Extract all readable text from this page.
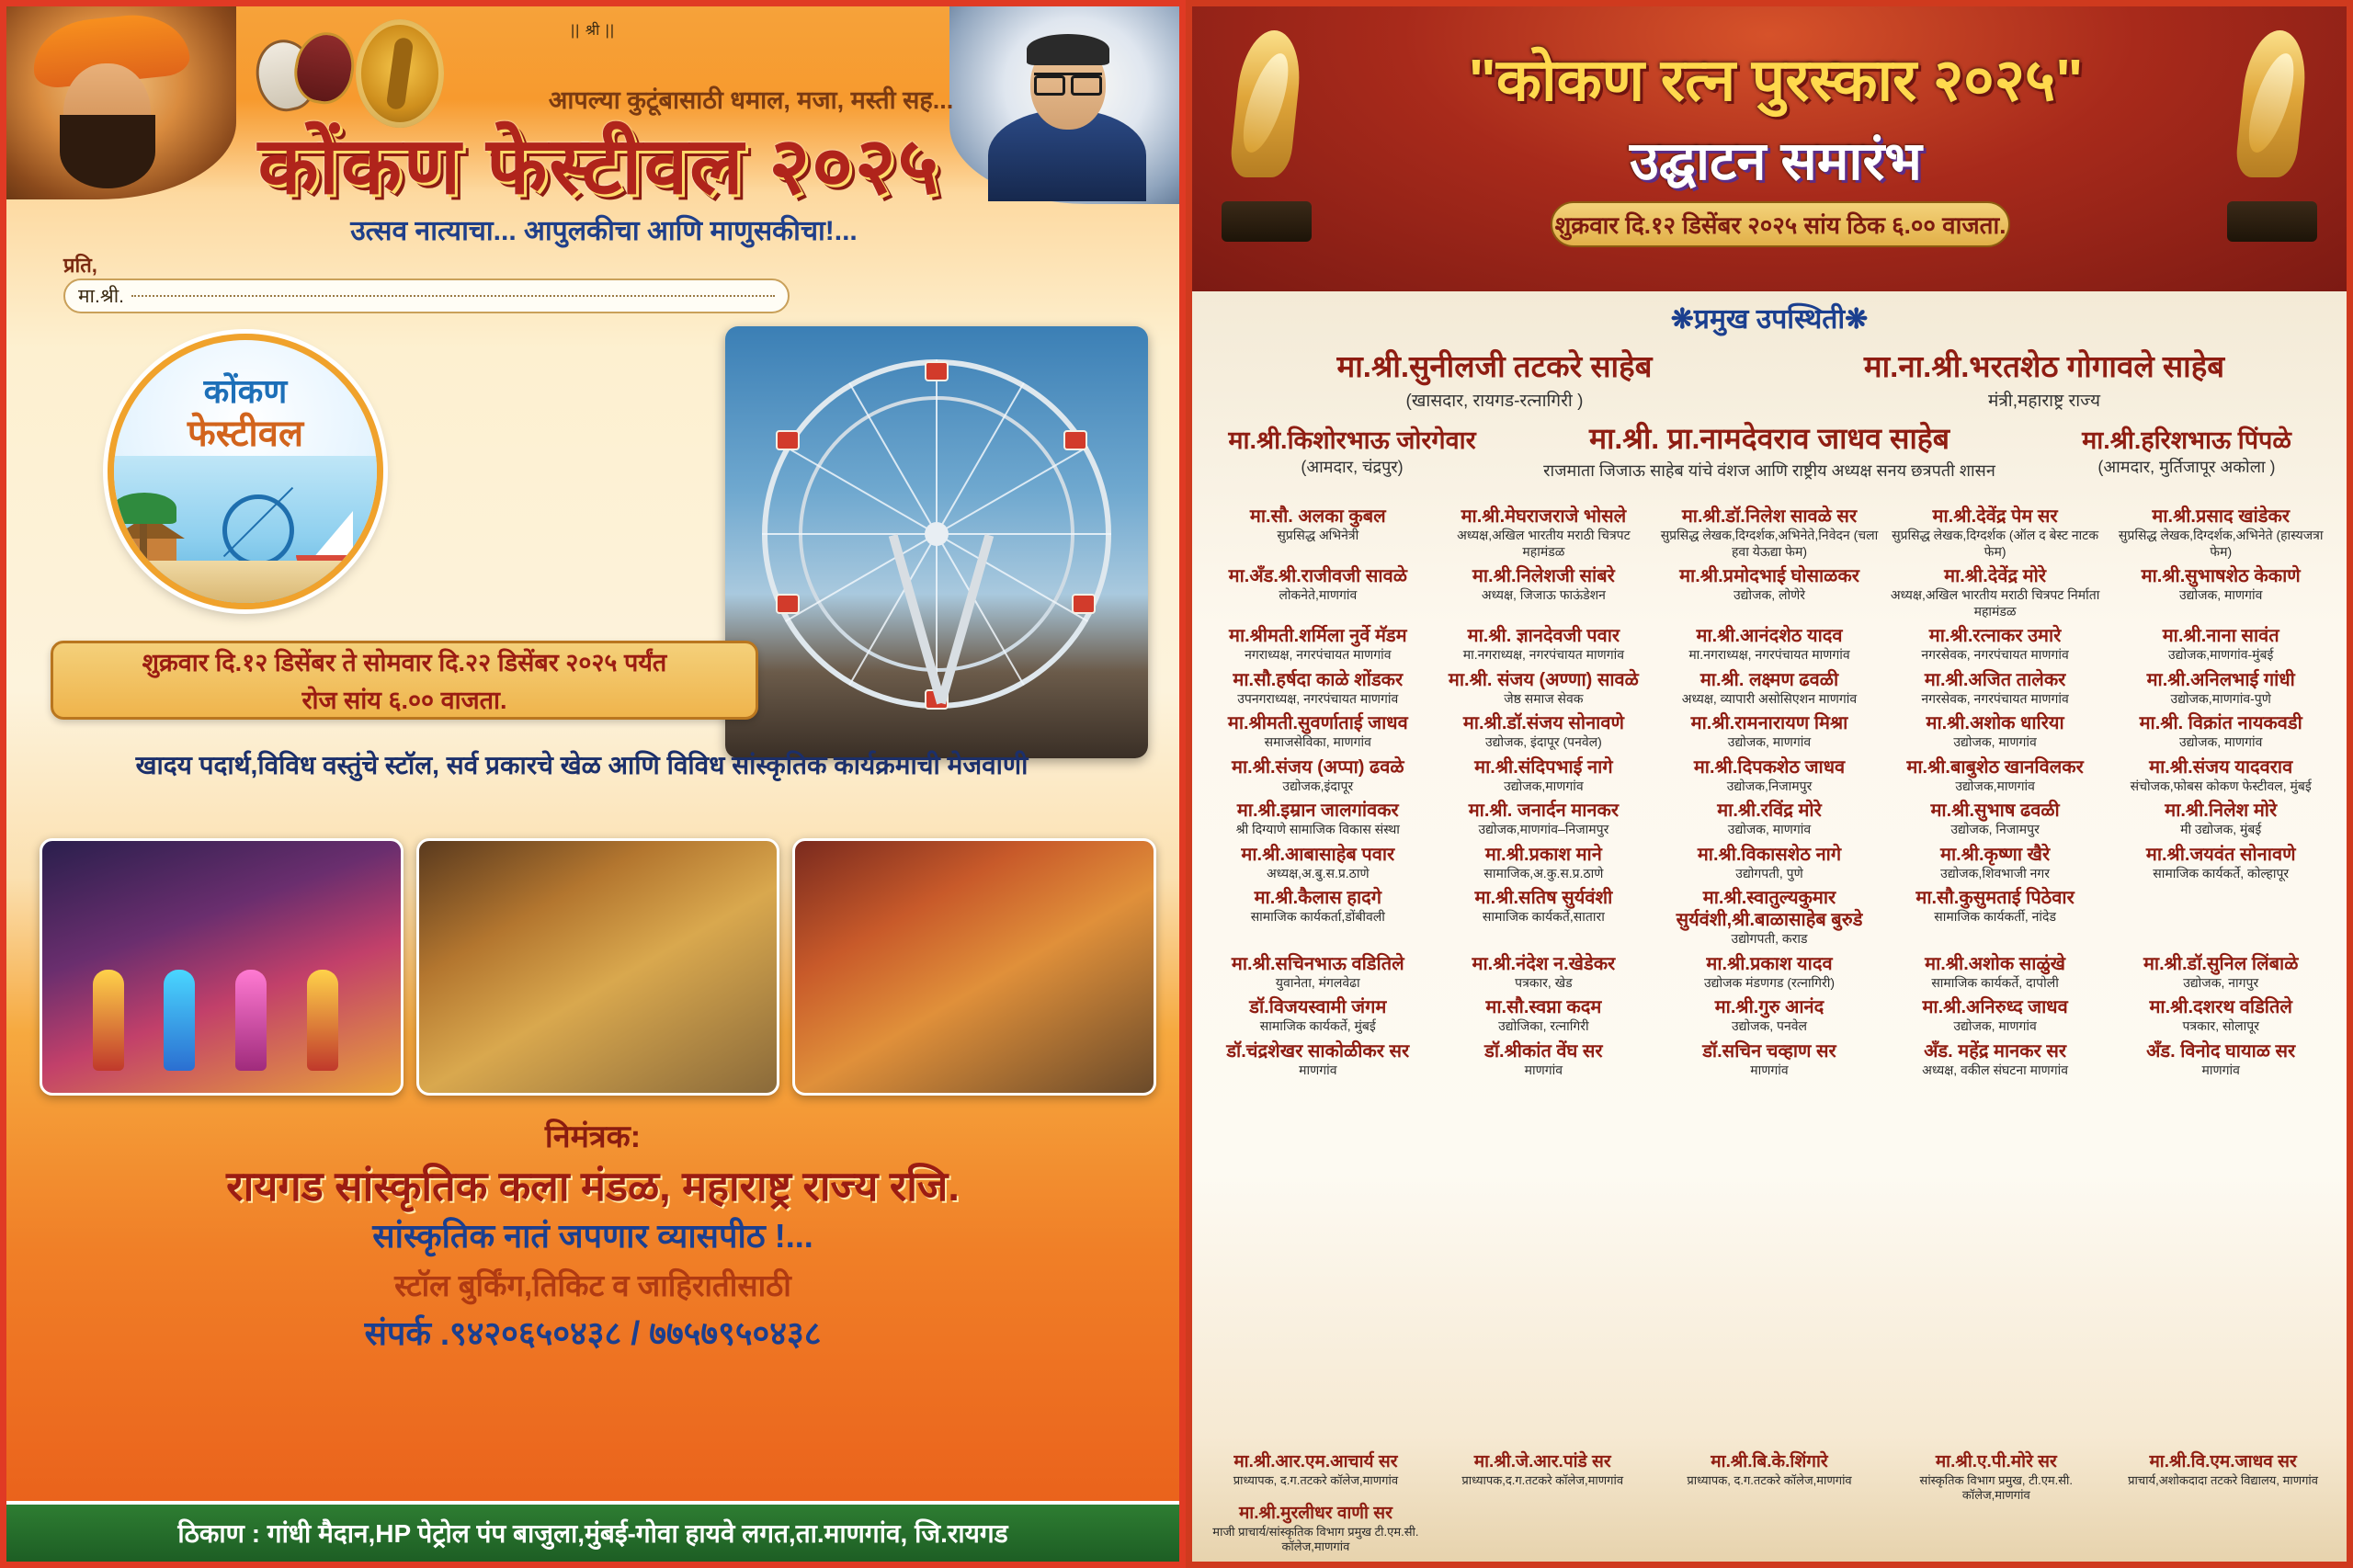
|| श्री ||
आपल्या कुटूंबासाठी धमाल, मजा, मस्ती सह...
कोंकण फेस्टीवल २०२५
उत्सव नात्याचा... आपुलकीचा आणि माणुसकीचा!...
प्रति,
मा.श्री.
कोंकण
फेस्टीवल
शुक्रवार दि.१२ डिसेंबर ते सोमवार दि.२२ डिसेंबर २०२५ पर्यंत
रोज सांय ६.०० वाजता.
खादय पदार्थ,विविध वस्तुंचे स्टॉल, सर्व प्रकारचे खेळ आणि विविध सांस्कृतिक कार्यक्रमाची मेजवाणी
निमंत्रक:
रायगड सांस्कृतिक कला मंडळ, महाराष्ट्र राज्य रजि.
सांस्कृतिक नातं जपणार व्यासपीठ !...
स्टॉल बुर्किंग,तिकिट व जाहिरातीसाठी
संपर्क .९४२०६५०४३८ / ७७५७९५०४३८
ठिकाण : गांधी मैदान,HP पेट्रोल पंप बाजुला,मुंबई-गोवा हायवे लगत,ता.माणगांव, जि.रायगड
"कोकण रत्न पुरस्कार २०२५"
उद्घाटन समारंभ
शुक्रवार दि.१२ डिसेंबर २०२५ सांय ठिक ६.०० वाजता.
❋प्रमुख उपस्थिती❋
मा.श्री.सुनीलजी तटकरे साहेब
(खासदार, रायगड-रत्नागिरी )
मा.ना.श्री.भरतशेठ गोगावले साहेब
मंत्री,महाराष्ट्र राज्य
मा.श्री. प्रा.नामदेवराव जाधव साहेब
राजमाता जिजाऊ साहेब यांचे वंशज आणि राष्ट्रीय अध्यक्ष सनय छत्रपती शासन
मा.श्री.किशोरभाऊ जोरगेवार
(आमदार, चंद्रपुर)
मा.श्री.हरिशभाऊ पिंपळे
(आमदार, मुर्तिजापूर अकोला )
मा.सौ. अलका कुबल
सुप्रसिद्ध अभिनेत्री
मा.श्री.मेघराजराजे भोसले
अध्यक्ष,अखिल भारतीय मराठी चित्रपट महामंडळ
मा.श्री.डॉ.निलेश सावळे सर
सुप्रसिद्ध लेखक,दिग्दर्शक,अभिनेते,निवेदन (चला हवा येऊद्या फेम)
मा.श्री.देवेंद्र पेम सर
सुप्रसिद्ध लेखक,दिग्दर्शक (ऑल द बेस्ट नाटक फेम)
मा.श्री.प्रसाद खांडेकर
सुप्रसिद्ध लेखक,दिग्दर्शक,अभिनेते (हास्यजत्रा फेम)
मा.अँड.श्री.राजीवजी सावळे
लोकनेते,माणगांव
मा.श्री.निलेशजी सांबरे
अध्यक्ष, जिजाऊ फाऊंडेशन
मा.श्री.प्रमोदभाई घोसाळकर
उद्योजक, लोणेरे
मा.श्री.देवेंद्र मोरे
अध्यक्ष,अखिल भारतीय मराठी चित्रपट निर्माता महामंडळ
मा.श्री.सुभाषशेठ केकाणे
उद्योजक, माणगांव
मा.श्रीमती.शर्मिला नुर्वे मॅडम
नगराध्यक्ष, नगरपंचायत माणगांव
मा.श्री. ज्ञानदेवजी पवार
मा.नगराध्यक्ष, नगरपंचायत माणगांव
मा.श्री.आनंदशेठ यादव
मा.नगराध्यक्ष, नगरपंचायत माणगांव
मा.श्री.रत्नाकर उमारे
नगरसेवक, नगरपंचायत माणगांव
मा.श्री.नाना सावंत
उद्योजक,माणगांव-मुंबई
मा.सौ.हर्षदा काळे शोंडकर
उपनगराध्यक्ष, नगरपंचायत माणगांव
मा.श्री. संजय (अण्णा) सावळे
जेष्ठ समाज सेवक
मा.श्री. लक्ष्मण ढवळी
अध्यक्ष, व्यापारी असोसिएशन माणगांव
मा.श्री.अजित तालेकर
नगरसेवक, नगरपंचायत माणगांव
मा.श्री.अनिलभाई गांधी
उद्योजक,माणगांव-पुणे
मा.श्रीमती.सुवर्णाताई जाधव
समाजसेविका, माणगांव
मा.श्री.डॉ.संजय सोनावणे
उद्योजक, इंदापूर (पनवेल)
मा.श्री.रामनारायण मिश्रा
उद्योजक, माणगांव
मा.श्री.अशोक धारिया
उद्योजक, माणगांव
मा.श्री. विक्रांत नायकवडी
उद्योजक, माणगांव
मा.श्री.संजय (अप्पा) ढवळे
उद्योजक,इंदापूर
मा.श्री.संदिपभाई नागे
उद्योजक,माणगांव
मा.श्री.दिपकशेठ जाधव
उद्योजक,निजामपुर
मा.श्री.बाबुशेठ खानविलकर
उद्योजक,माणगांव
मा.श्री.संजय यादवराव
संचोजक,फोबस कोकण फेस्टीवल, मुंबई
मा.श्री.इम्रान जालगांवकर
श्री दिग्याणे सामाजिक विकास संस्था
मा.श्री. जनार्दन मानकर
उद्योजक,माणगांव–निजामपुर
मा.श्री.रविंद्र मोरे
उद्योजक, माणगांव
मा.श्री.सुभाष ढवळी
उद्योजक, निजामपुर
मा.श्री.निलेश मोरे
मी उद्योजक, मुंबई
मा.श्री.आबासाहेब पवार
अध्यक्ष,अ.बु.स.प्र.ठाणे
मा.श्री.प्रकाश माने
सामाजिक,अ.कु.स.प्र.ठाणे
मा.श्री.विकासशेठ नागे
उद्योगपती, पुणे
मा.श्री.कृष्णा खैरे
उद्योजक,शिवभाजी नगर
मा.श्री.जयवंत सोनावणे
सामाजिक कार्यकर्ते, कोल्हापूर
मा.श्री.कैलास हादगे
सामाजिक कार्यकर्ता,डोंबीवली
मा.श्री.सतिष सुर्यवंशी
सामाजिक कार्यकर्ते,सातारा
मा.श्री.स्वातुल्यकुमार सुर्यवंशी,श्री.बाळासाहेब बुरुडे
उद्योगपती, कराड
मा.सौ.कुसुमताई पिठेवार
सामाजिक कार्यकर्ती, नांदेड
मा.श्री.सचिनभाऊ वडितिले
युवानेता, मंगलवेढा
मा.श्री.नंदेश न.खेडेकर
पत्रकार, खेड
मा.श्री.प्रकाश यादव
उद्योजक मंडणगड (रत्नागिरी)
मा.श्री.अशोक साळुंखे
सामाजिक कार्यकर्ते, दापोली
मा.श्री.डॉ.सुनिल लिंबाळे
उद्योजक, नागपुर
डॉ.विजयस्वामी जंगम
सामाजिक कार्यकर्ते, मुंबई
मा.सौ.स्वप्ना कदम
उद्योजिका, रत्नागिरी
मा.श्री.गुरु आनंद
उद्योजक, पनवेल
मा.श्री.अनिरुध्द जाधव
उद्योजक, माणगांव
मा.श्री.दशरथ वडितिले
पत्रकार, सोलापूर
डॉ.चंद्रशेखर साकोळीकर सर
माणगांव
डॉ.श्रीकांत वेंघ सर
माणगांव
डॉ.सचिन चव्हाण सर
माणगांव
अँड. महेंद्र मानकर सर
अध्यक्ष, वकील संघटना माणगांव
अँड. विनोद घायाळ सर
माणगांव
मा.श्री.आर.एम.आचार्य सर
प्राध्यापक, द.ग.तटकरे कॉलेज,माणगांव
मा.श्री.जे.आर.पांडे सर
प्राध्यापक,द.ग.तटकरे कॉलेज,माणगांव
मा.श्री.बि.के.शिंगारे
प्राध्यापक, द.ग.तटकरे कॉलेज,माणगांव
मा.श्री.ए.पी.मोरे सर
सांस्कृतिक विभाग प्रमुख, टी.एम.सी. कॉलेज,माणगांव
मा.श्री.वि.एम.जाधव सर
प्राचार्य,अशोकदादा तटकरे विद्यालय, माणगांव
मा.श्री.मुरलीधर वाणी सर
माजी प्राचार्य/सांस्कृतिक विभाग प्रमुख टी.एम.सी. कॉलेज,माणगांव
